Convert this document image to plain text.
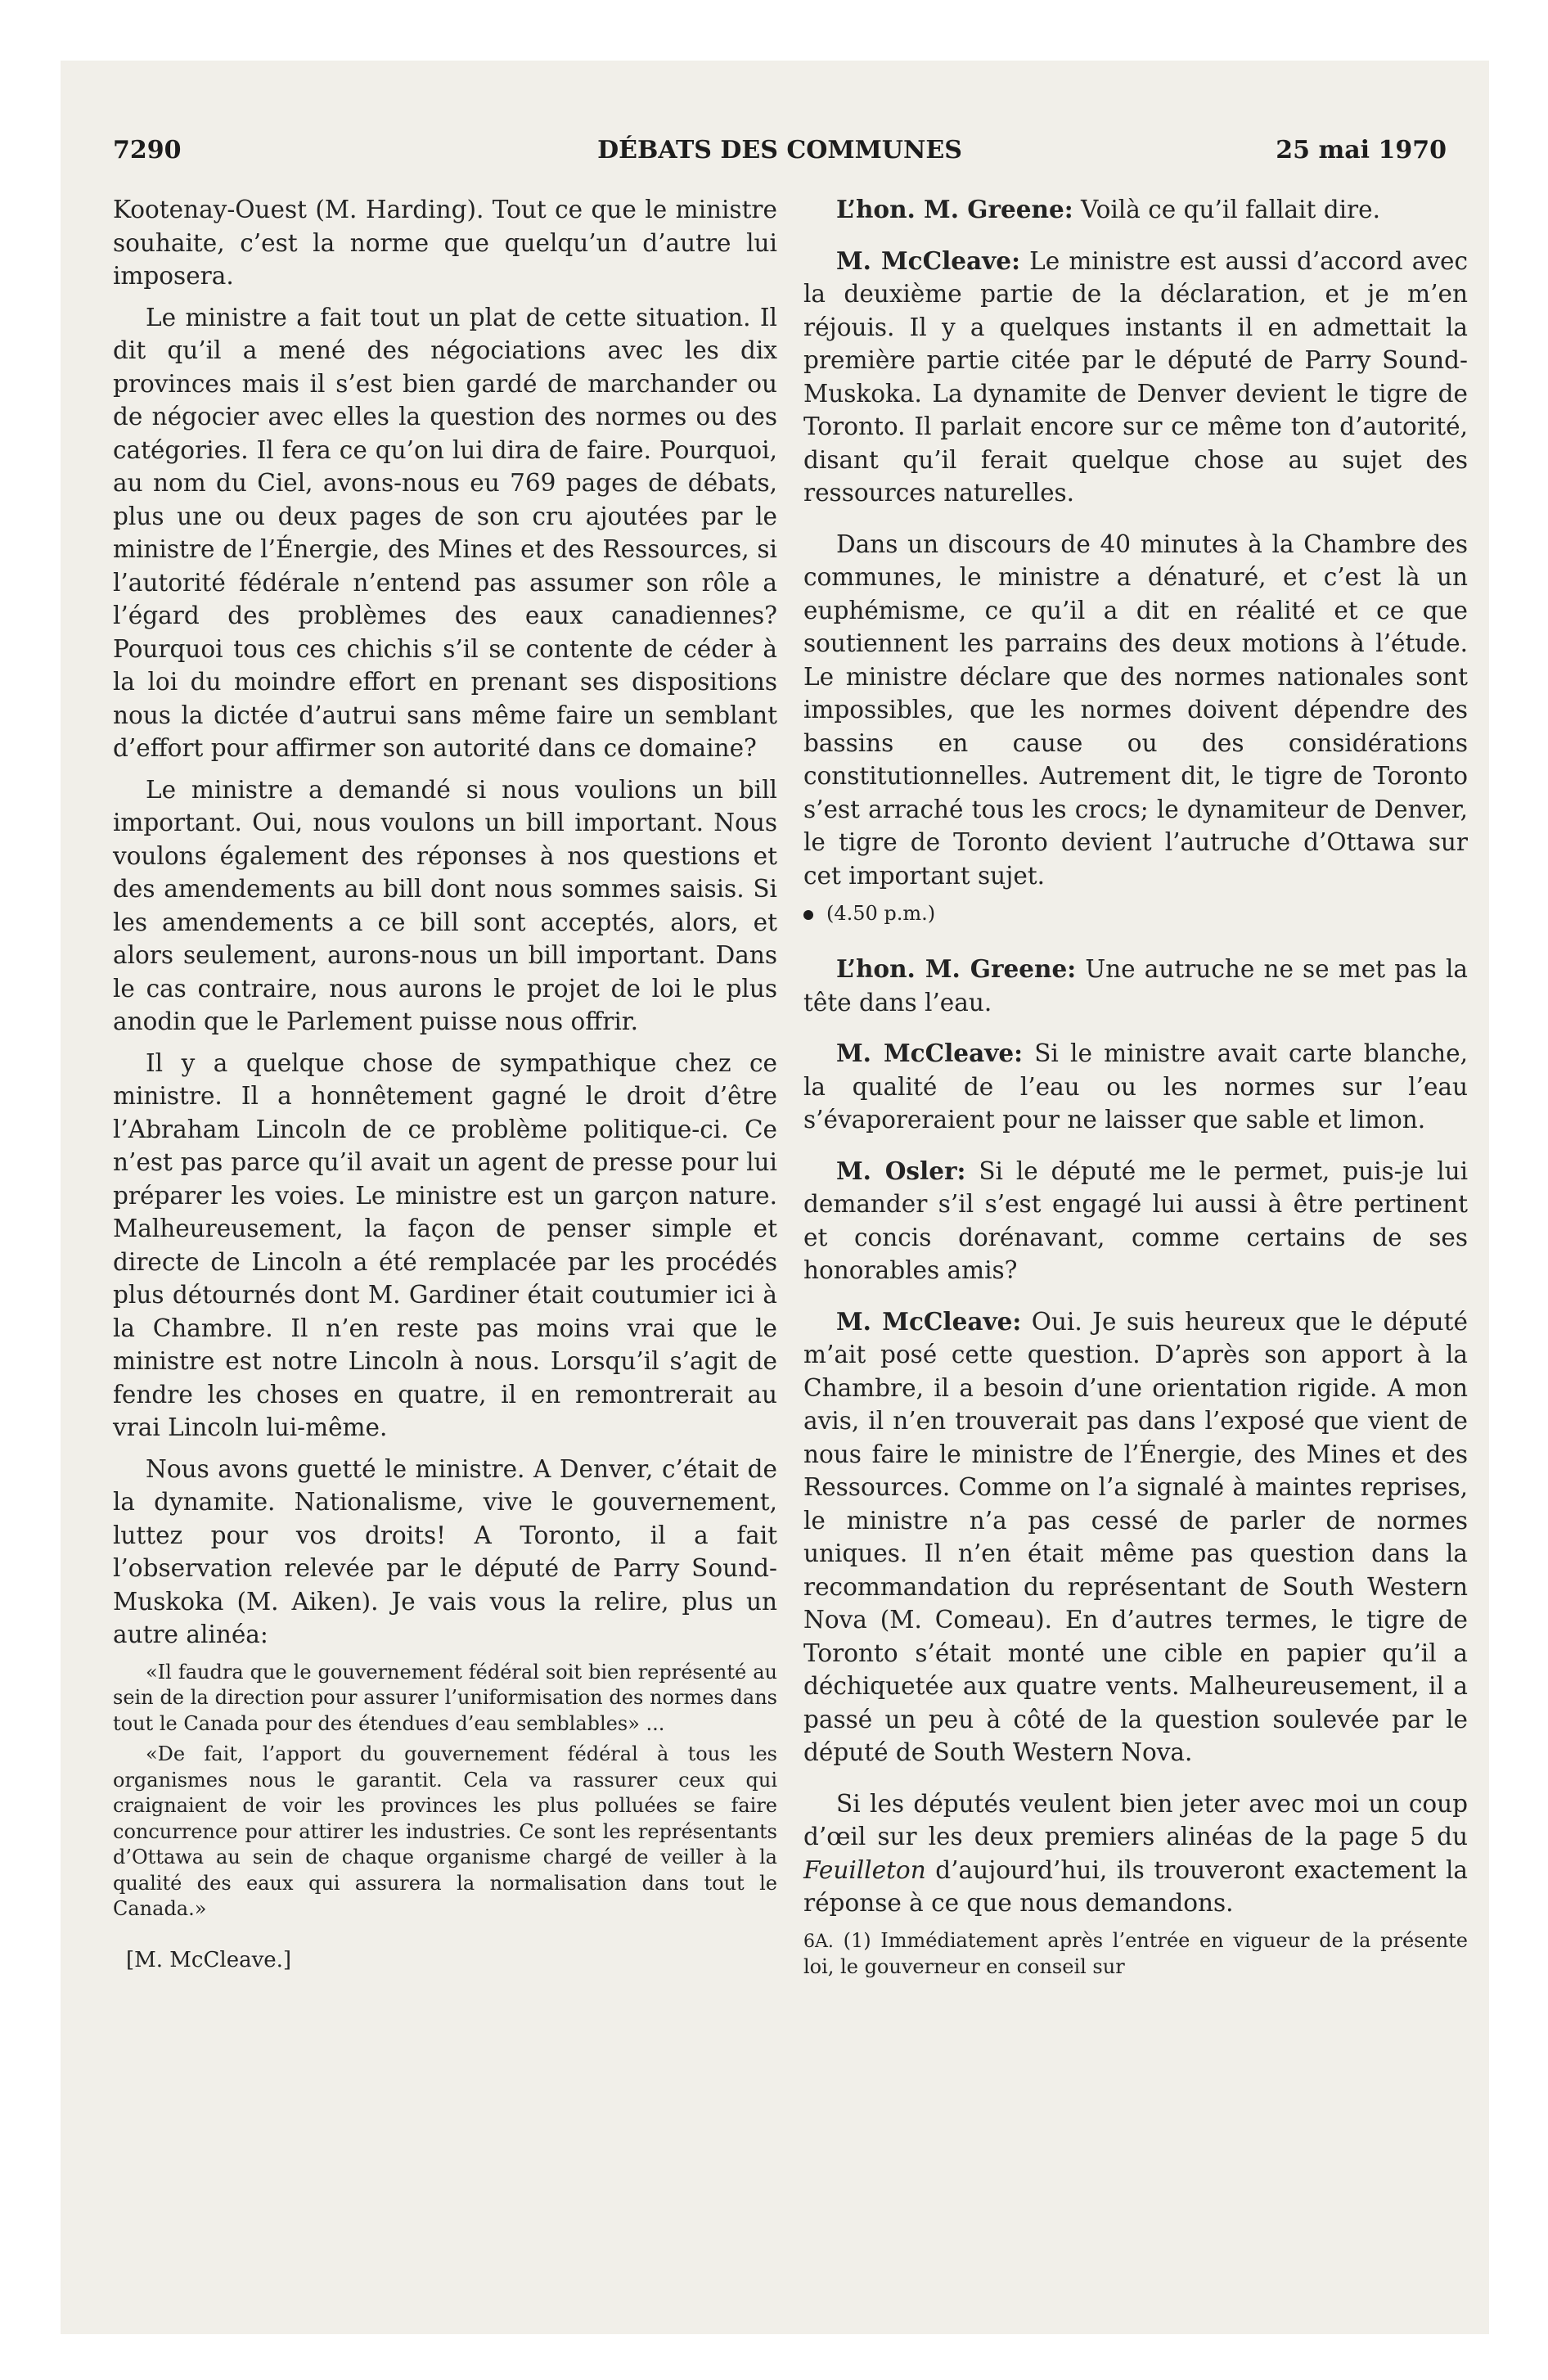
7290	DÉBATS DES COMMUNES	25 mai 1970

Kootenay-Ouest (M. Harding). Tout ce que le ministre souhaite, c’est la norme que quelqu’un d’autre lui imposera.

Le ministre a fait tout un plat de cette situation. Il dit qu’il a mené des négociations avec les dix provinces mais il s’est bien gardé de marchander ou de négocier avec elles la question des normes ou des catégories. Il fera ce qu’on lui dira de faire. Pourquoi, au nom du Ciel, avons-nous eu 769 pages de débats, plus une ou deux pages de son cru ajoutées par le ministre de l’Énergie, des Mines et des Ressources, si l’autorité fédérale n’entend pas assumer son rôle a l’égard des problèmes des eaux canadiennes? Pourquoi tous ces chichis s’il se contente de céder à la loi du moindre effort en prenant ses dispositions nous la dictée d’autrui sans même faire un semblant d’effort pour affirmer son autorité dans ce domaine?

Le ministre a demandé si nous voulions un bill important. Oui, nous voulons un bill important. Nous voulons également des réponses à nos questions et des amendements au bill dont nous sommes saisis. Si les amendements a ce bill sont acceptés, alors, et alors seulement, aurons-nous un bill important. Dans le cas contraire, nous aurons le projet de loi le plus anodin que le Parlement puisse nous offrir.

Il y a quelque chose de sympathique chez ce ministre. Il a honnêtement gagné le droit d’être l’Abraham Lincoln de ce problème politique-ci. Ce n’est pas parce qu’il avait un agent de presse pour lui préparer les voies. Le ministre est un garçon nature. Malheureusement, la façon de penser simple et directe de Lincoln a été remplacée par les procédés plus détournés dont M. Gardiner était coutumier ici à la Chambre. Il n’en reste pas moins vrai que le ministre est notre Lincoln à nous. Lorsqu’il s’agit de fendre les choses en quatre, il en remontrerait au vrai Lincoln lui-même.

Nous avons guetté le ministre. A Denver, c’était de la dynamite. Nationalisme, vive le gouvernement, luttez pour vos droits! A Toronto, il a fait l’observation relevée par le député de Parry Sound-Muskoka (M. Aiken). Je vais vous la relire, plus un autre alinéa:

«Il faudra que le gouvernement fédéral soit bien représenté au sein de la direction pour assurer l’uniformisation des normes dans tout le Canada pour des étendues d’eau semblables» ...
«De fait, l’apport du gouvernement fédéral à tous les organismes nous le garantit. Cela va rassurer ceux qui craignaient de voir les provinces les plus polluées se faire concurrence pour attirer les industries. Ce sont les représentants d’Ottawa au sein de chaque organisme chargé de veiller à la qualité des eaux qui assurera la normalisation dans tout le Canada.»
[M. McCleave.]

L’hon. M. Greene: Voilà ce qu’il fallait dire.

M. McCleave: Le ministre est aussi d’accord avec la deuxième partie de la déclaration, et je m’en réjouis. Il y a quelques instants il en admettait la première partie citée par le député de Parry Sound-Muskoka. La dynamite de Denver devient le tigre de Toronto. Il parlait encore sur ce même ton d’autorité, disant qu’il ferait quelque chose au sujet des ressources naturelles.

Dans un discours de 40 minutes à la Chambre des communes, le ministre a dénaturé, et c’est là un euphémisme, ce qu’il a dit en réalité et ce que soutiennent les parrains des deux motions à l’étude. Le ministre déclare que des normes nationales sont impossibles, que les normes doivent dépendre des bassins en cause ou des considérations constitutionnelles. Autrement dit, le tigre de Toronto s’est arraché tous les crocs; le dynamiteur de Denver, le tigre de Toronto devient l’autruche d’Ottawa sur cet important sujet.

(4.50 p.m.)

L’hon. M. Greene: Une autruche ne se met pas la tête dans l’eau.

M. McCleave: Si le ministre avait carte blanche, la qualité de l’eau ou les normes sur l’eau s’évaporeraient pour ne laisser que sable et limon.

M. Osler: Si le député me le permet, puis-je lui demander s’il s’est engagé lui aussi à être pertinent et concis dorénavant, comme certains de ses honorables amis?

M. McCleave: Oui. Je suis heureux que le député m’ait posé cette question. D’après son apport à la Chambre, il a besoin d’une orientation rigide. A mon avis, il n’en trouverait pas dans l’exposé que vient de nous faire le ministre de l’Énergie, des Mines et des Ressources. Comme on l’a signalé à maintes reprises, le ministre n’a pas cessé de parler de normes uniques. Il n’en était même pas question dans la recommandation du représentant de South Western Nova (M. Comeau). En d’autres termes, le tigre de Toronto s’était monté une cible en papier qu’il a déchiquetée aux quatre vents. Malheureusement, il a passé un peu à côté de la question soulevée par le député de South Western Nova.

Si les députés veulent bien jeter avec moi un coup d’œil sur les deux premiers alinéas de la page 5 du Feuilleton d’aujourd’hui, ils trouveront exactement la réponse à ce que nous demandons.

6A. (1) Immédiatement après l’entrée en vigueur de la présente loi, le gouverneur en conseil sur
